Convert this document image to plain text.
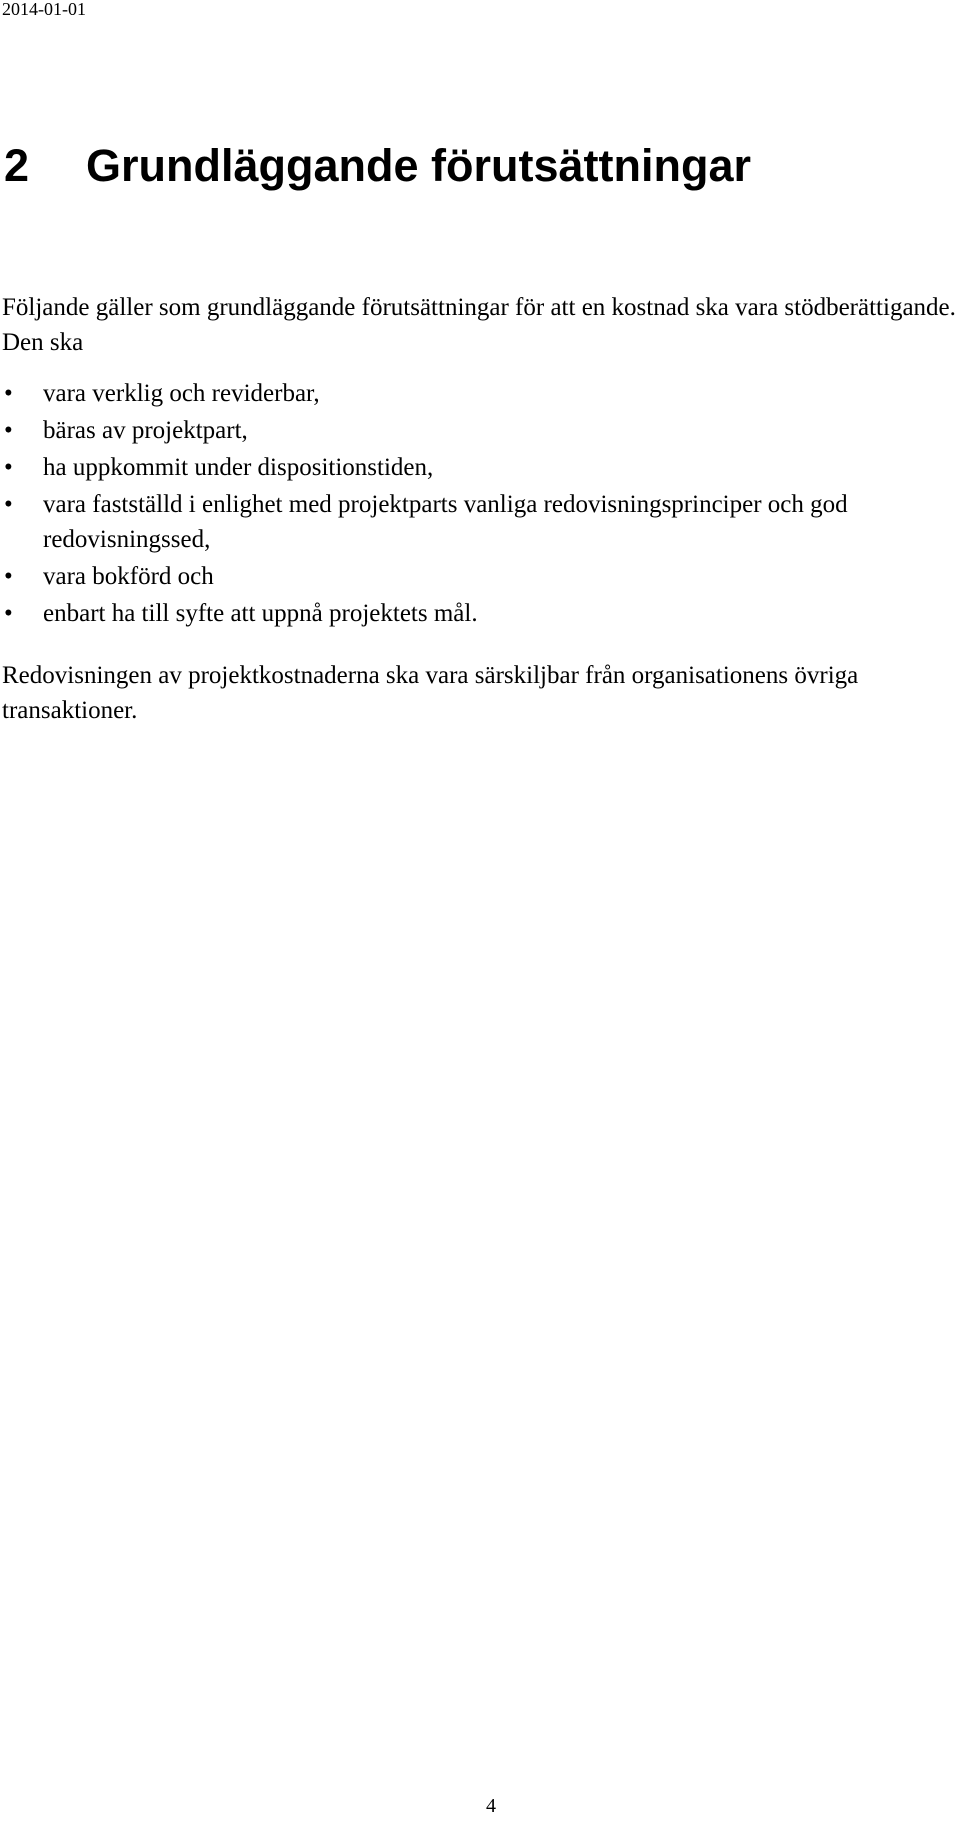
2014-01-01
2 Grundläggande förutsättningar

Följande gäller som grundläggande förutsättningar för att en kostnad ska vara stödberättigande. Den ska

• vara verklig och reviderbar,
• bäras av projektpart,
• ha uppkommit under dispositionstiden,
• vara fastställd i enlighet med projektparts vanliga redovisningsprinciper och god redovisningssed,
• vara bokförd och
• enbart ha till syfte att uppnå projektets mål.

Redovisningen av projektkostnaderna ska vara särskiljbar från organisationens övriga transaktioner.

4
